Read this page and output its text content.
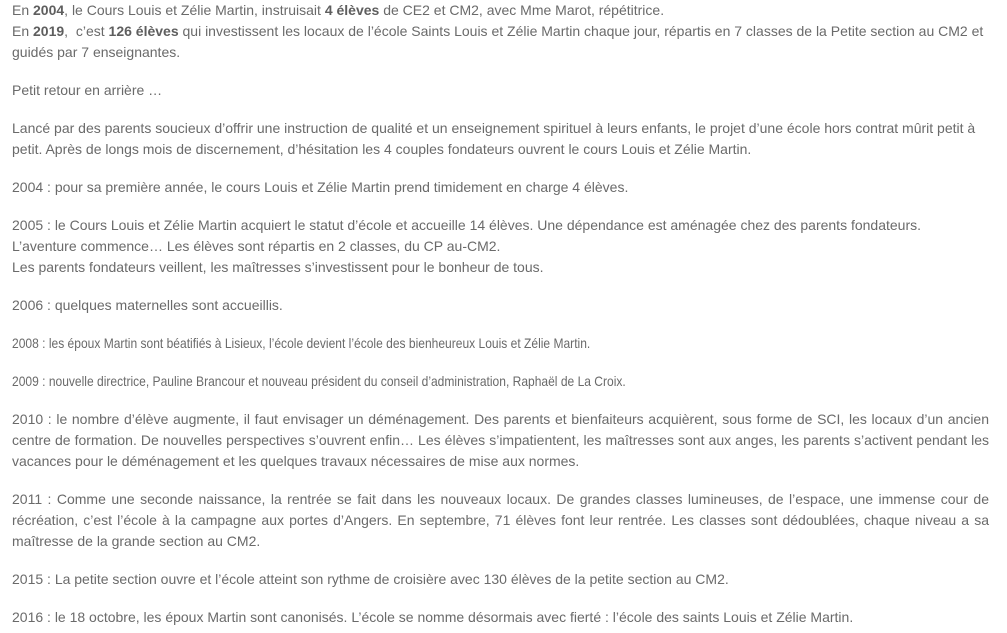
En 2004, le Cours Louis et Zélie Martin, instruisait 4 élèves de CE2 et CM2, avec Mme Marot, répétitrice.
En 2019,  c’est 126 élèves qui investissent les locaux de l’école Saints Louis et Zélie Martin chaque jour, répartis en 7 classes de la Petite section au CM2 et guidés par 7 enseignantes.

Petit retour en arrière …

Lancé par des parents soucieux d’offrir une instruction de qualité et un enseignement spirituel à leurs enfants, le projet d’une école hors contrat mûrit petit à petit. Après de longs mois de discernement, d’hésitation les 4 couples fondateurs ouvrent le cours Louis et Zélie Martin.

2004 : pour sa première année, le cours Louis et Zélie Martin prend timidement en charge 4 élèves.

2005 : le Cours Louis et Zélie Martin acquiert le statut d’école et accueille 14 élèves. Une dépendance est aménagée chez des parents fondateurs. L’aventure commence… Les élèves sont répartis en 2 classes, du CP au-CM2.
Les parents fondateurs veillent, les maîtresses s’investissent pour le bonheur de tous.

2006 : quelques maternelles sont accueillis.

2008 : les époux Martin sont béatifiés à Lisieux, l’école devient l’école des bienheureux Louis et Zélie Martin.

2009 : nouvelle directrice, Pauline Brancour et nouveau président du conseil d’administration, Raphaël de La Croix.

2010 : le nombre d’élève augmente, il faut envisager un déménagement. Des parents et bienfaiteurs acquièrent, sous forme de SCI, les locaux d’un ancien centre de formation. De nouvelles perspectives s’ouvrent enfin… Les élèves s’impatientent, les maîtresses sont aux anges, les parents s’activent pendant les vacances pour le déménagement et les quelques travaux nécessaires de mise aux normes.

2011 : Comme une seconde naissance, la rentrée se fait dans les nouveaux locaux. De grandes classes lumineuses, de l’espace, une immense cour de récréation, c’est l’école à la campagne aux portes d’Angers. En septembre, 71 élèves font leur rentrée. Les classes sont dédoublées, chaque niveau a sa maîtresse de la grande section au CM2.

2015 : La petite section ouvre et l’école atteint son rythme de croisière avec 130 élèves de la petite section au CM2.

2016 : le 18 octobre, les époux Martin sont canonisés. L’école se nomme désormais avec fierté : l’école des saints Louis et Zélie Martin.
